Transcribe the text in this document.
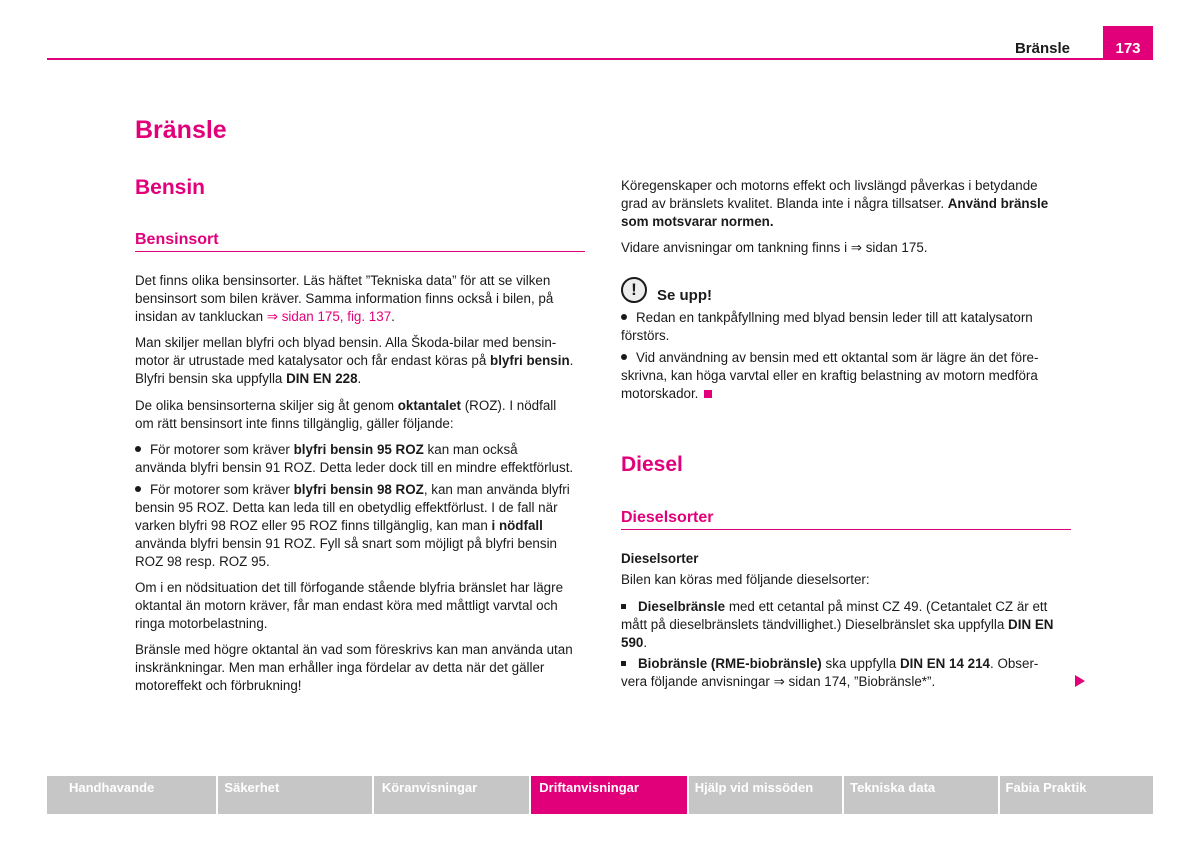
Bränsle	173
Bränsle
Bensin
Bensinsort

Det finns olika bensinsorter. Läs häftet ”Tekniska data” för att se vilken
bensinsort som bilen kräver. Samma information finns också i bilen, på
insidan av tankluckan ⇒ sidan 175, fig. 137.

Man skiljer mellan blyfri och blyad bensin. Alla Škoda-bilar med bensin-
motor är utrustade med katalysator och får endast köras på blyfri bensin.
Blyfri bensin ska uppfylla DIN EN 228.

De olika bensinsorterna skiljer sig åt genom oktantalet (ROZ). I nödfall
om rätt bensinsort inte finns tillgänglig, gäller följande:

För motorer som kräver blyfri bensin 95 ROZ kan man också
använda blyfri bensin 91 ROZ. Detta leder dock till en mindre effektförlust.

För motorer som kräver blyfri bensin 98 ROZ, kan man använda blyfri
bensin 95 ROZ. Detta kan leda till en obetydlig effektförlust. I de fall när
varken blyfri 98 ROZ eller 95 ROZ finns tillgänglig, kan man i nödfall
använda blyfri bensin 91 ROZ. Fyll så snart som möjligt på blyfri bensin
ROZ 98 resp. ROZ 95.

Om i en nödsituation det till förfogande stående blyfria bränslet har lägre
oktantal än motorn kräver, får man endast köra med måttligt varvtal och
ringa motorbelastning.

Bränsle med högre oktantal än vad som föreskrivs kan man använda utan
inskränkningar. Men man erhåller inga fördelar av detta när det gäller
motoreffekt och förbrukning!

Köregenskaper och motorns effekt och livslängd påverkas i betydande
grad av bränslets kvalitet. Blanda inte i några tillsatser. Använd bränsle
som motsvarar normen.

Vidare anvisningar om tankning finns i ⇒ sidan 175.

!	Se upp!

Redan en tankpåfyllning med blyad bensin leder till att katalysatorn
förstörs.

Vid användning av bensin med ett oktantal som är lägre än det före-
skrivna, kan höga varvtal eller en kraftig belastning av motorn medföra
motorskador.

Diesel
Dieselsorter

Dieselsorter

Bilen kan köras med följande dieselsorter:

Dieselbränsle med ett cetantal på minst CZ 49. (Cetantalet CZ är ett
mått på dieselbränslets tändvillighet.) Dieselbränslet ska uppfylla DIN EN
590.

Biobränsle (RME-biobränsle) ska uppfylla DIN EN 14 214. Obser-
vera följande anvisningar ⇒ sidan 174, ”Biobränsle*”.

Handhavande	Säkerhet	Köranvisningar	Driftanvisningar	Hjälp vid missöden	Tekniska data	Fabia Praktik
